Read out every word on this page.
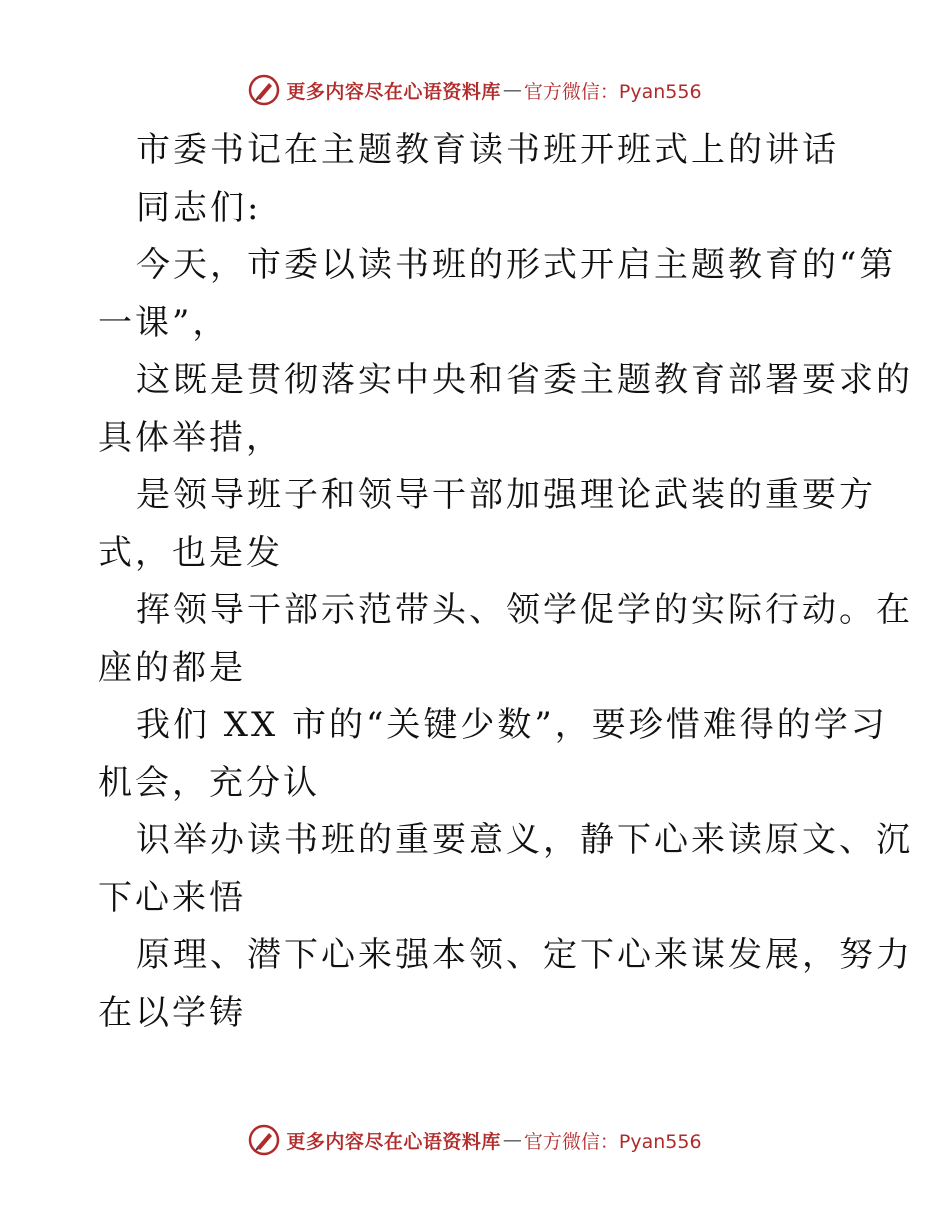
更多内容尽在心语资料库 — 官方微信：Pyan556
市委书记在主题教育读书班开班式上的讲话
同志们:
今天，市委以读书班的形式开启主题教育的“第
一课”，
这既是贯彻落实中央和省委主题教育部署要求的
具体举措，
是领导班子和领导干部加强理论武装的重要方
式，也是发
挥领导干部示范带头、领学促学的实际行动。在
座的都是
我们 XX 市的“关键少数”，要珍惜难得的学习
机会，充分认
识举办读书班的重要意义，静下心来读原文、沉
下心来悟
原理、潜下心来强本领、定下心来谋发展，努力
在以学铸
更多内容尽在心语资料库 — 官方微信：Pyan556
